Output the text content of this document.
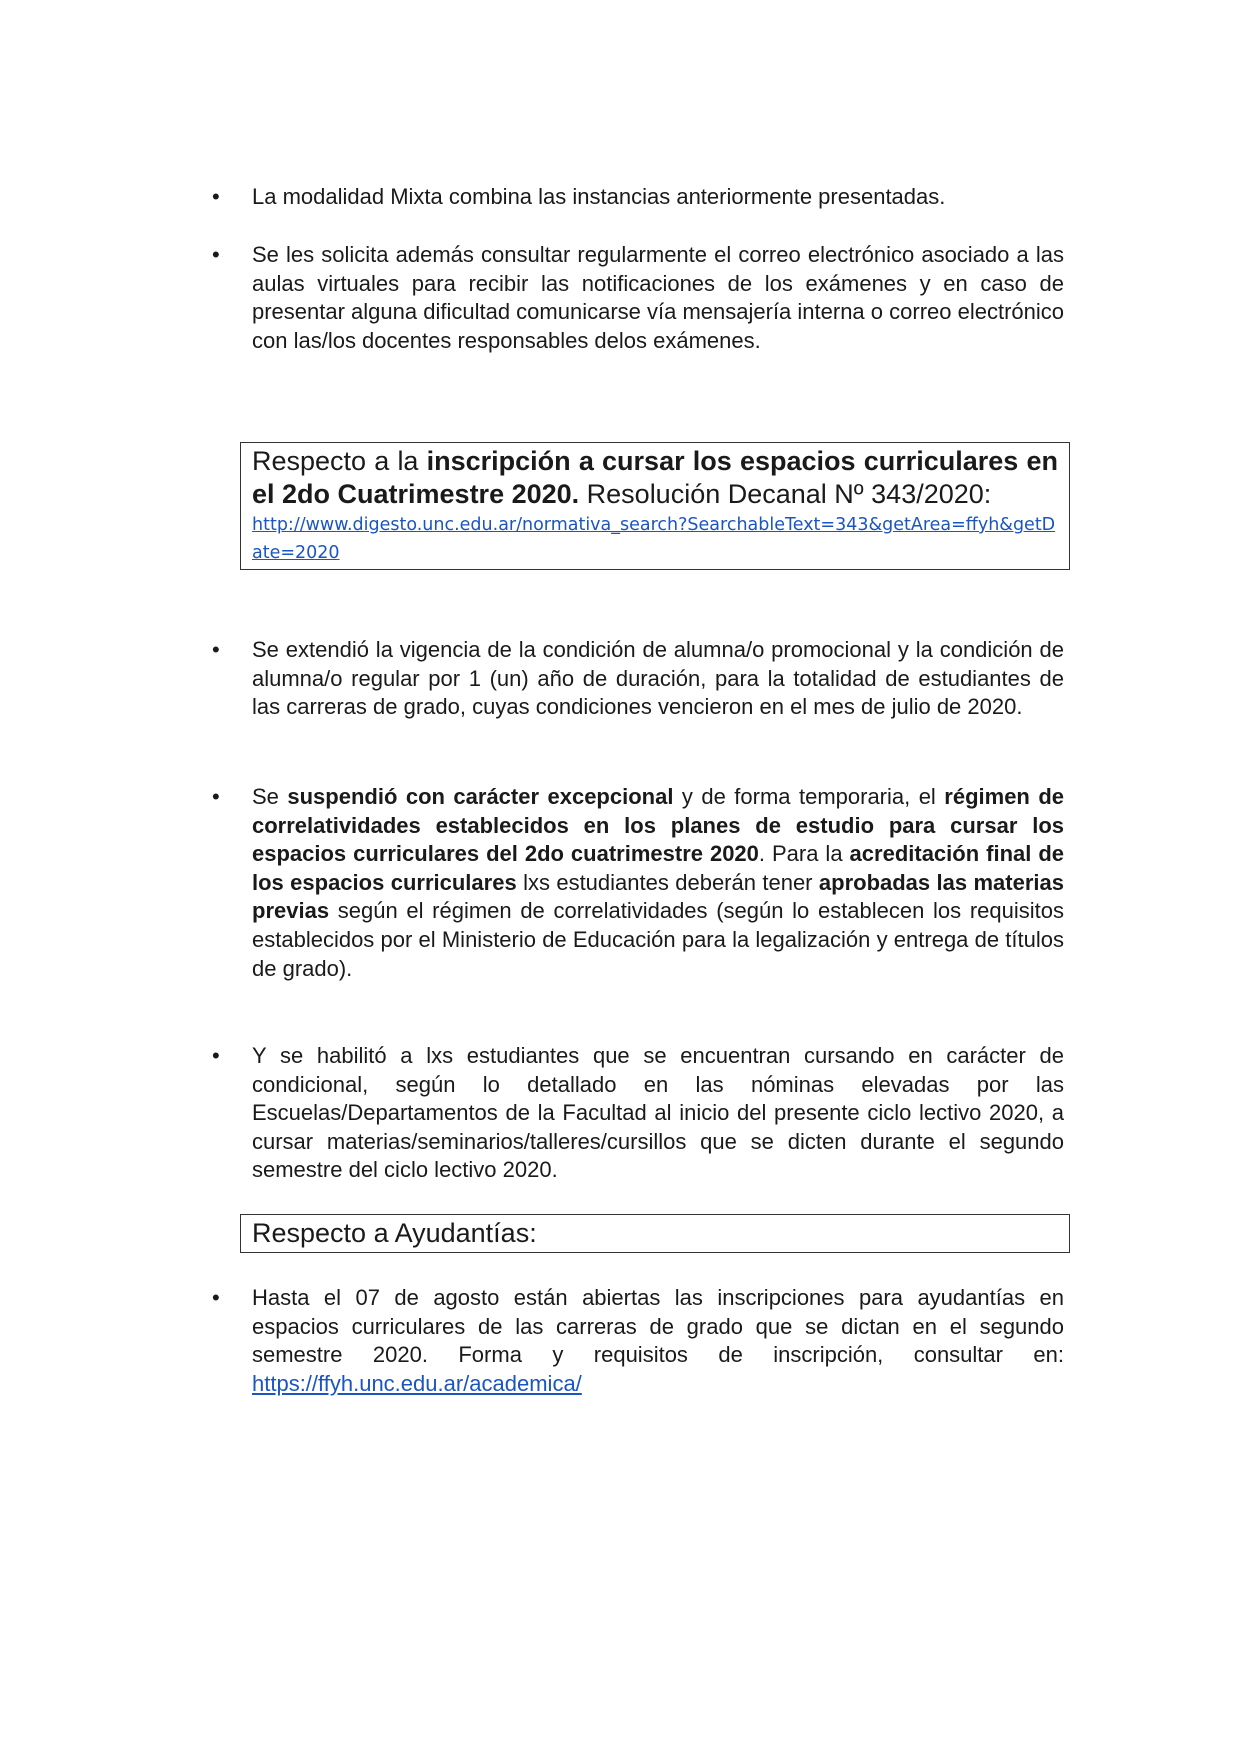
• La modalidad Mixta combina las instancias anteriormente presentadas.
• Se les solicita además consultar regularmente el correo electrónico asociado a las aulas virtuales para recibir las notificaciones de los exámenes y en caso de presentar alguna dificultad comunicarse vía mensajería interna o correo electrónico con las/los docentes responsables delos exámenes.
Respecto a la inscripción a cursar los espacios curriculares en el 2do Cuatrimestre 2020. Resolución Decanal Nº 343/2020:
http://www.digesto.unc.edu.ar/normativa_search?SearchableText=343&getArea=ffyh&getDate=2020
• Se extendió la vigencia de la condición de alumna/o promocional y la condición de alumna/o regular por 1 (un) año de duración, para la totalidad de estudiantes de las carreras de grado, cuyas condiciones vencieron en el mes de julio de 2020.
• Se suspendió con carácter excepcional y de forma temporaria, el régimen de correlatividades establecidos en los planes de estudio para cursar los espacios curriculares del 2do cuatrimestre 2020. Para la acreditación final de los espacios curriculares lxs estudiantes deberán tener aprobadas las materias previas según el régimen de correlatividades (según lo establecen los requisitos establecidos por el Ministerio de Educación para la legalización y entrega de títulos de grado).
• Y se habilitó a lxs estudiantes que se encuentran cursando en carácter de condicional, según lo detallado en las nóminas elevadas por las Escuelas/Departamentos de la Facultad al inicio del presente ciclo lectivo 2020, a cursar materias/seminarios/talleres/cursillos que se dicten durante el segundo semestre del ciclo lectivo 2020.
Respecto a Ayudantías:
• Hasta el 07 de agosto están abiertas las inscripciones para ayudantías en espacios curriculares de las carreras de grado que se dictan en el segundo semestre 2020. Forma y requisitos de inscripción, consultar en: https://ffyh.unc.edu.ar/academica/
